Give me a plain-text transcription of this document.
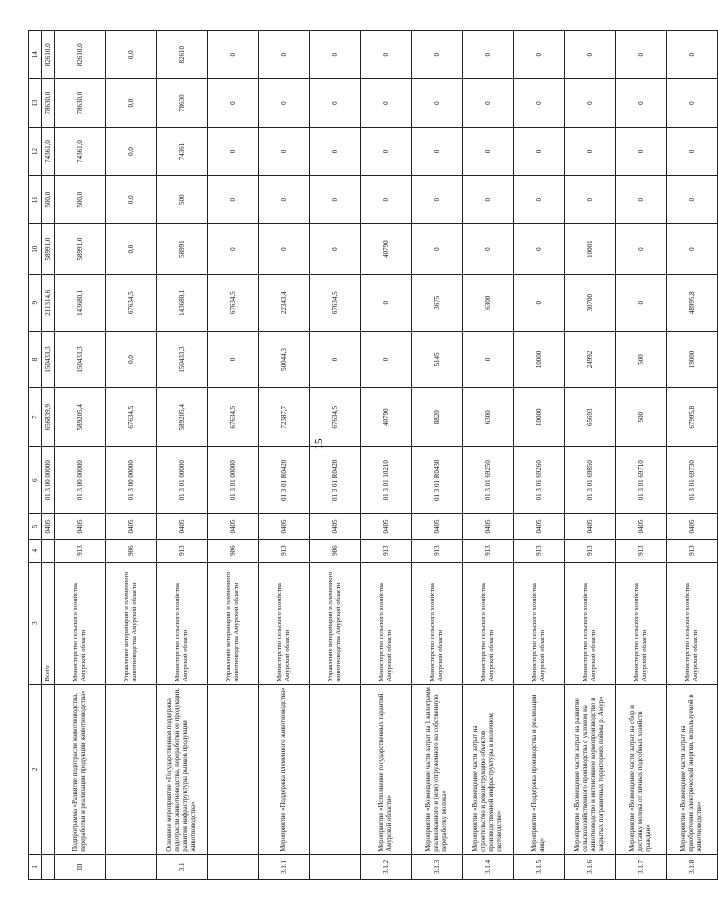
15
1	2	3	4	5	6	7	8	9	10	11	12	13	14
		Всего		0405	01 3 00 00000	656839,9	150433,3	211314,6	58991,0	500,0	74361,0	78630,0	82610,0
III	Подпрограмма «Развитие подотрасли животноводства, переработки и реализации продукции животноводства»	Министерство сельского хозяйства Амурской области	913	0405	01 3 00 00000	589205,4	150433,3	143680,1	58991,0	500,0	74361,0	78630,0	82610,0
		Управление ветеринарии и племенного животноводства Амурской области	906	0405	01 3 00 00000	67634,5	0,0	67634,5	0,0	0,0	0,0	0,0	0,0
3.1	Основное мероприятие «Государственная поддержка подотрасли животноводства, переработки ее продукции, развития инфраструктуры рынков продукции животноводства»	Министерство сельского хозяйства Амурской области	913	0405	01 3 01 00000	589205,4	150433,3	143680,1	58991	500	74361	78630	82610
		Управление ветеринарии и племенного животноводства Амурской области	906	0405	01 3 01 00000	67634,5	0	67634,5	0	0	0	0	0
3.1.1	Мероприятие «Поддержка племенного животноводства»	Министерство сельского хозяйства Амурской области	913	0405	01 3 01 R0420	72387,7	50044,3	22343,4	0	0	0	0	0
		Управление ветеринарии и племенного животноводства Амурской области	906	0405	01 3 01 R0420	67634,5	0	67634,5	0	0	0	0	0
3.1.2	Мероприятие «Исполнение государственных гарантий Амурской области»	Министерство сельского хозяйства Амурской области	913	0405	01 3 01 10210	40790	0	0	40790	0	0	0	0
3.1.3	Мероприятие «Возмещение части затрат на 1 килограмм реализованного и (или) отгруженного на собственную переработку молока»	Министерство сельского хозяйства Амурской области	913	0405	01 3 01 R0430	8820	5145	3675	0	0	0	0	0
3.1.4	Мероприятие «Возмещение части затрат на строительство и реконструкцию объектов производственной инфраструктуры в молочном скотоводстве»	Министерство сельского хозяйства Амурской области	913	0405	01 3 01 69250	6300	0	6300	0	0	0	0	0
3.1.5	Мероприятие «Поддержка производства и реализации яиц»	Министерство сельского хозяйства Амурской области	913	0405	01 3 01 69260	10000	10000	0	0	0	0	0	0
3.1.6	Мероприятие «Возмещение части затрат на развитие сельскохозяйственного производства с уклоном на животноводство и интенсивное кормопроизводство в закрытых пограничных территориях поймы р. Амур»	Министерство сельского хозяйства Амурской области	913	0405	01 3 01 69850	65693	24992	30700	10001	0	0	0	0
3.1.7	Мероприятие «Возмещение части затрат на сбор и доставку молока от личных подсобных хозяйств граждан»	Министерство сельского хозяйства Амурской области	913	0405	01 3 01 69710	500	500	0	0	0	0	0	0
3.1.8	Мероприятие «Возмещение части затрат на приобретение электрической энергии, используемой в животноводстве»	Министерство сельского хозяйства Амурской области	913	0405	01 3 01 69730	67995,8	19000	48995,8	0	0	0	0	0
